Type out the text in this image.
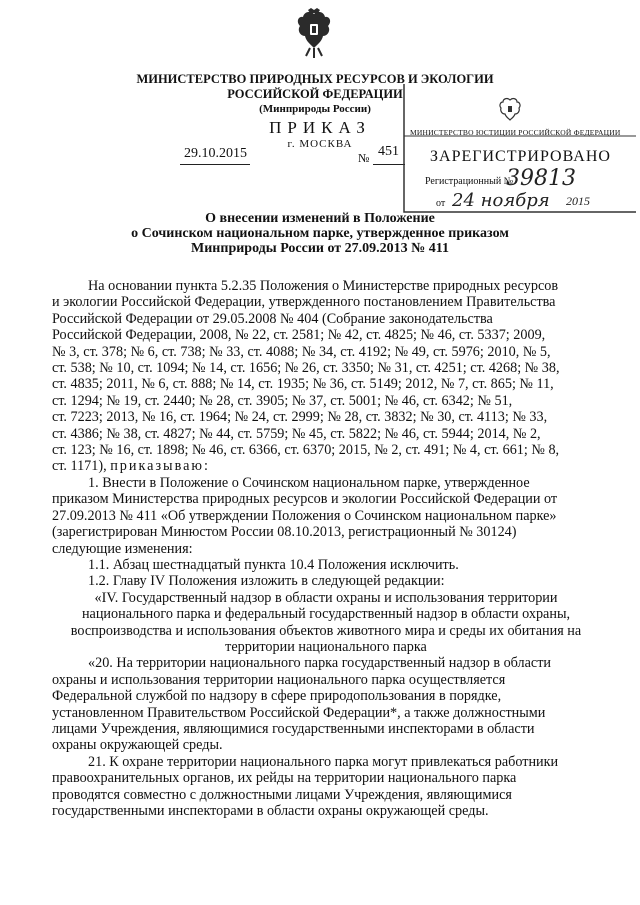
МИНИСТЕРСТВО ПРИРОДНЫХ РЕСУРСОВ И ЭКОЛОГИИ
РОССИЙСКОЙ ФЕДЕРАЦИИ
(Минприроды России)
ПРИКАЗ
г. МОСКВА
29.10.2015	№ 451
МИНИСТЕРСТВО ЮСТИЦИИ РОССИЙСКОЙ ФЕДЕРАЦИИ
ЗАРЕГИСТРИРОВАНО
Регистрационный №
39813
от 24 ноября 2015
О внесении изменений в Положение
о Сочинском национальном парке, утвержденное приказом
Минприроды России от 27.09.2013 № 411

На основании пункта 5.2.35 Положения о Министерстве природных ресурсов

и экологии Российской Федерации, утвержденного постановлением Правительства

Российской Федерации от 29.05.2008 № 404 (Собрание законодательства

Российской Федерации, 2008, № 22, ст. 2581; № 42, ст. 4825; № 46, ст. 5337; 2009,

№ 3, ст. 378; № 6, ст. 738; № 33, ст. 4088; № 34, ст. 4192; № 49, ст. 5976; 2010, № 5,

ст. 538; № 10, ст. 1094; № 14, ст. 1656; № 26, ст. 3350; № 31, ст. 4251; ст. 4268; № 38,

ст. 4835; 2011, № 6, ст. 888; № 14, ст. 1935; № 36, ст. 5149; 2012, № 7, ст. 865; № 11,

ст. 1294; № 19, ст. 2440; № 28, ст. 3905; № 37, ст. 5001; № 46, ст. 6342; № 51,

ст. 7223; 2013, № 16, ст. 1964; № 24, ст. 2999; № 28, ст. 3832; № 30, ст. 4113; № 33,

ст. 4386; № 38, ст. 4827; № 44, ст. 5759; № 45, ст. 5822; № 46, ст. 5944; 2014, № 2,

ст. 123; № 16, ст. 1898; № 46, ст. 6366, ст. 6370; 2015, № 2, ст. 491; № 4, ст. 661; № 8,

ст. 1171), приказываю:

1. Внести в Положение о Сочинском национальном парке, утвержденное

приказом Министерства природных ресурсов и экологии Российской Федерации от

27.09.2013 № 411 «Об утверждении Положения о Сочинском национальном парке»

(зарегистрирован Минюстом России 08.10.2013, регистрационный № 30124)

следующие изменения:

1.1. Абзац шестнадцатый пункта 10.4 Положения исключить.

1.2. Главу IV Положения изложить в следующей редакции:

«IV. Государственный надзор в области охраны и использования территории

национального парка и федеральный государственный надзор в области охраны,

воспроизводства и использования объектов животного мира и среды их обитания на

территории национального парка

«20. На территории национального парка государственный надзор в области

охраны и использования территории национального парка осуществляется

Федеральной службой по надзору в сфере природопользования в порядке,

установленном Правительством Российской Федерации*, а также должностными

лицами Учреждения, являющимися государственными инспекторами в области

охраны окружающей среды.

21. К охране территории национального парка могут привлекаться работники

правоохранительных органов, их рейды на территории национального парка

проводятся совместно с должностными лицами Учреждения, являющимися

государственными инспекторами в области охраны окружающей среды.
